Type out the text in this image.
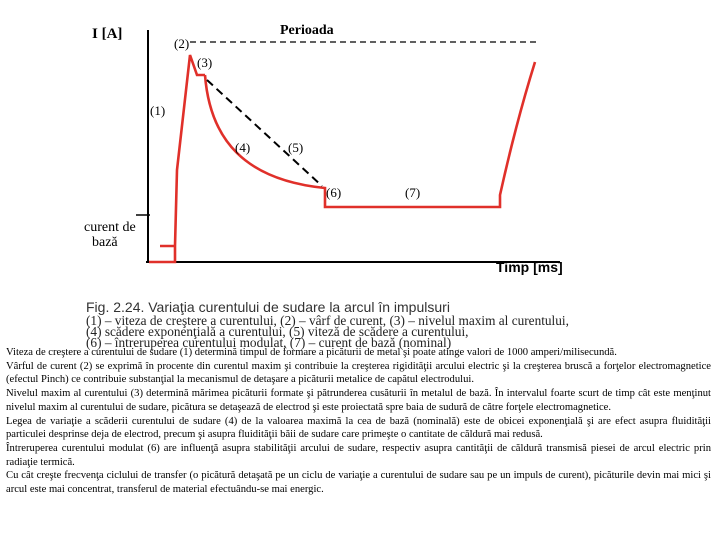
I [A]	Perioada
Timp [ms]
curent de
bază
(1)
(2)
(3)
(4)	(5)
(6)	(7)
Fig. 2.24. Variaţia curentului de sudare la arcul în impulsuri
(1) – viteza de creştere a curentului, (2) – vârf de curent, (3) – nivelul maxim al curentului,
(4) scădere exponenţială a curentului, (5) viteză de scădere a curentului,
(6) – întreruperea curentului modulat, (7) – curent de bază (nominal)

Viteza de creştere a curentului de sudare (1) determină timpul de formare a picăturii de metal şi poate atinge valori de 1000 amperi/milisecundă.

Vârful de curent (2) se exprimă în procente din curentul maxim şi contribuie la creşterea rigidităţii arcului electric şi la creşterea bruscă a forţelor electromagnetice (efectul Pinch) ce contribuie substanţial la mecanismul de detaşare a picăturii metalice de capătul electrodului.

Nivelul maxim al curentului (3) determină mărimea picăturii formate şi pătrunderea cusăturii în metalul de bază. În intervalul foarte scurt de timp cât este menţinut nivelul maxim al curentului de sudare, picătura se detaşează de electrod şi este proiectată spre baia de sudură de către forţele electromagnetice.

Legea de variaţie a scăderii curentului de sudare (4) de la valoarea maximă la cea de bază (nominală) este de obicei exponenţială şi are efect asupra fluidităţii particulei desprinse deja de electrod, precum şi asupra fluidităţii băii de sudare care primeşte o cantitate de căldură mai redusă.

Întreruperea curentului modulat (6) are influenţă asupra stabilităţii arcului de sudare, respectiv asupra cantităţii de căldură transmisă piesei de arcul electric prin radiaţie termică.

Cu cât creşte frecvenţa ciclului de transfer (o picătură detaşată pe un ciclu de variaţie a curentului de sudare sau pe un impuls de curent), picăturile devin mai mici şi arcul este mai concentrat, transferul de material efectuându-se mai energic.
